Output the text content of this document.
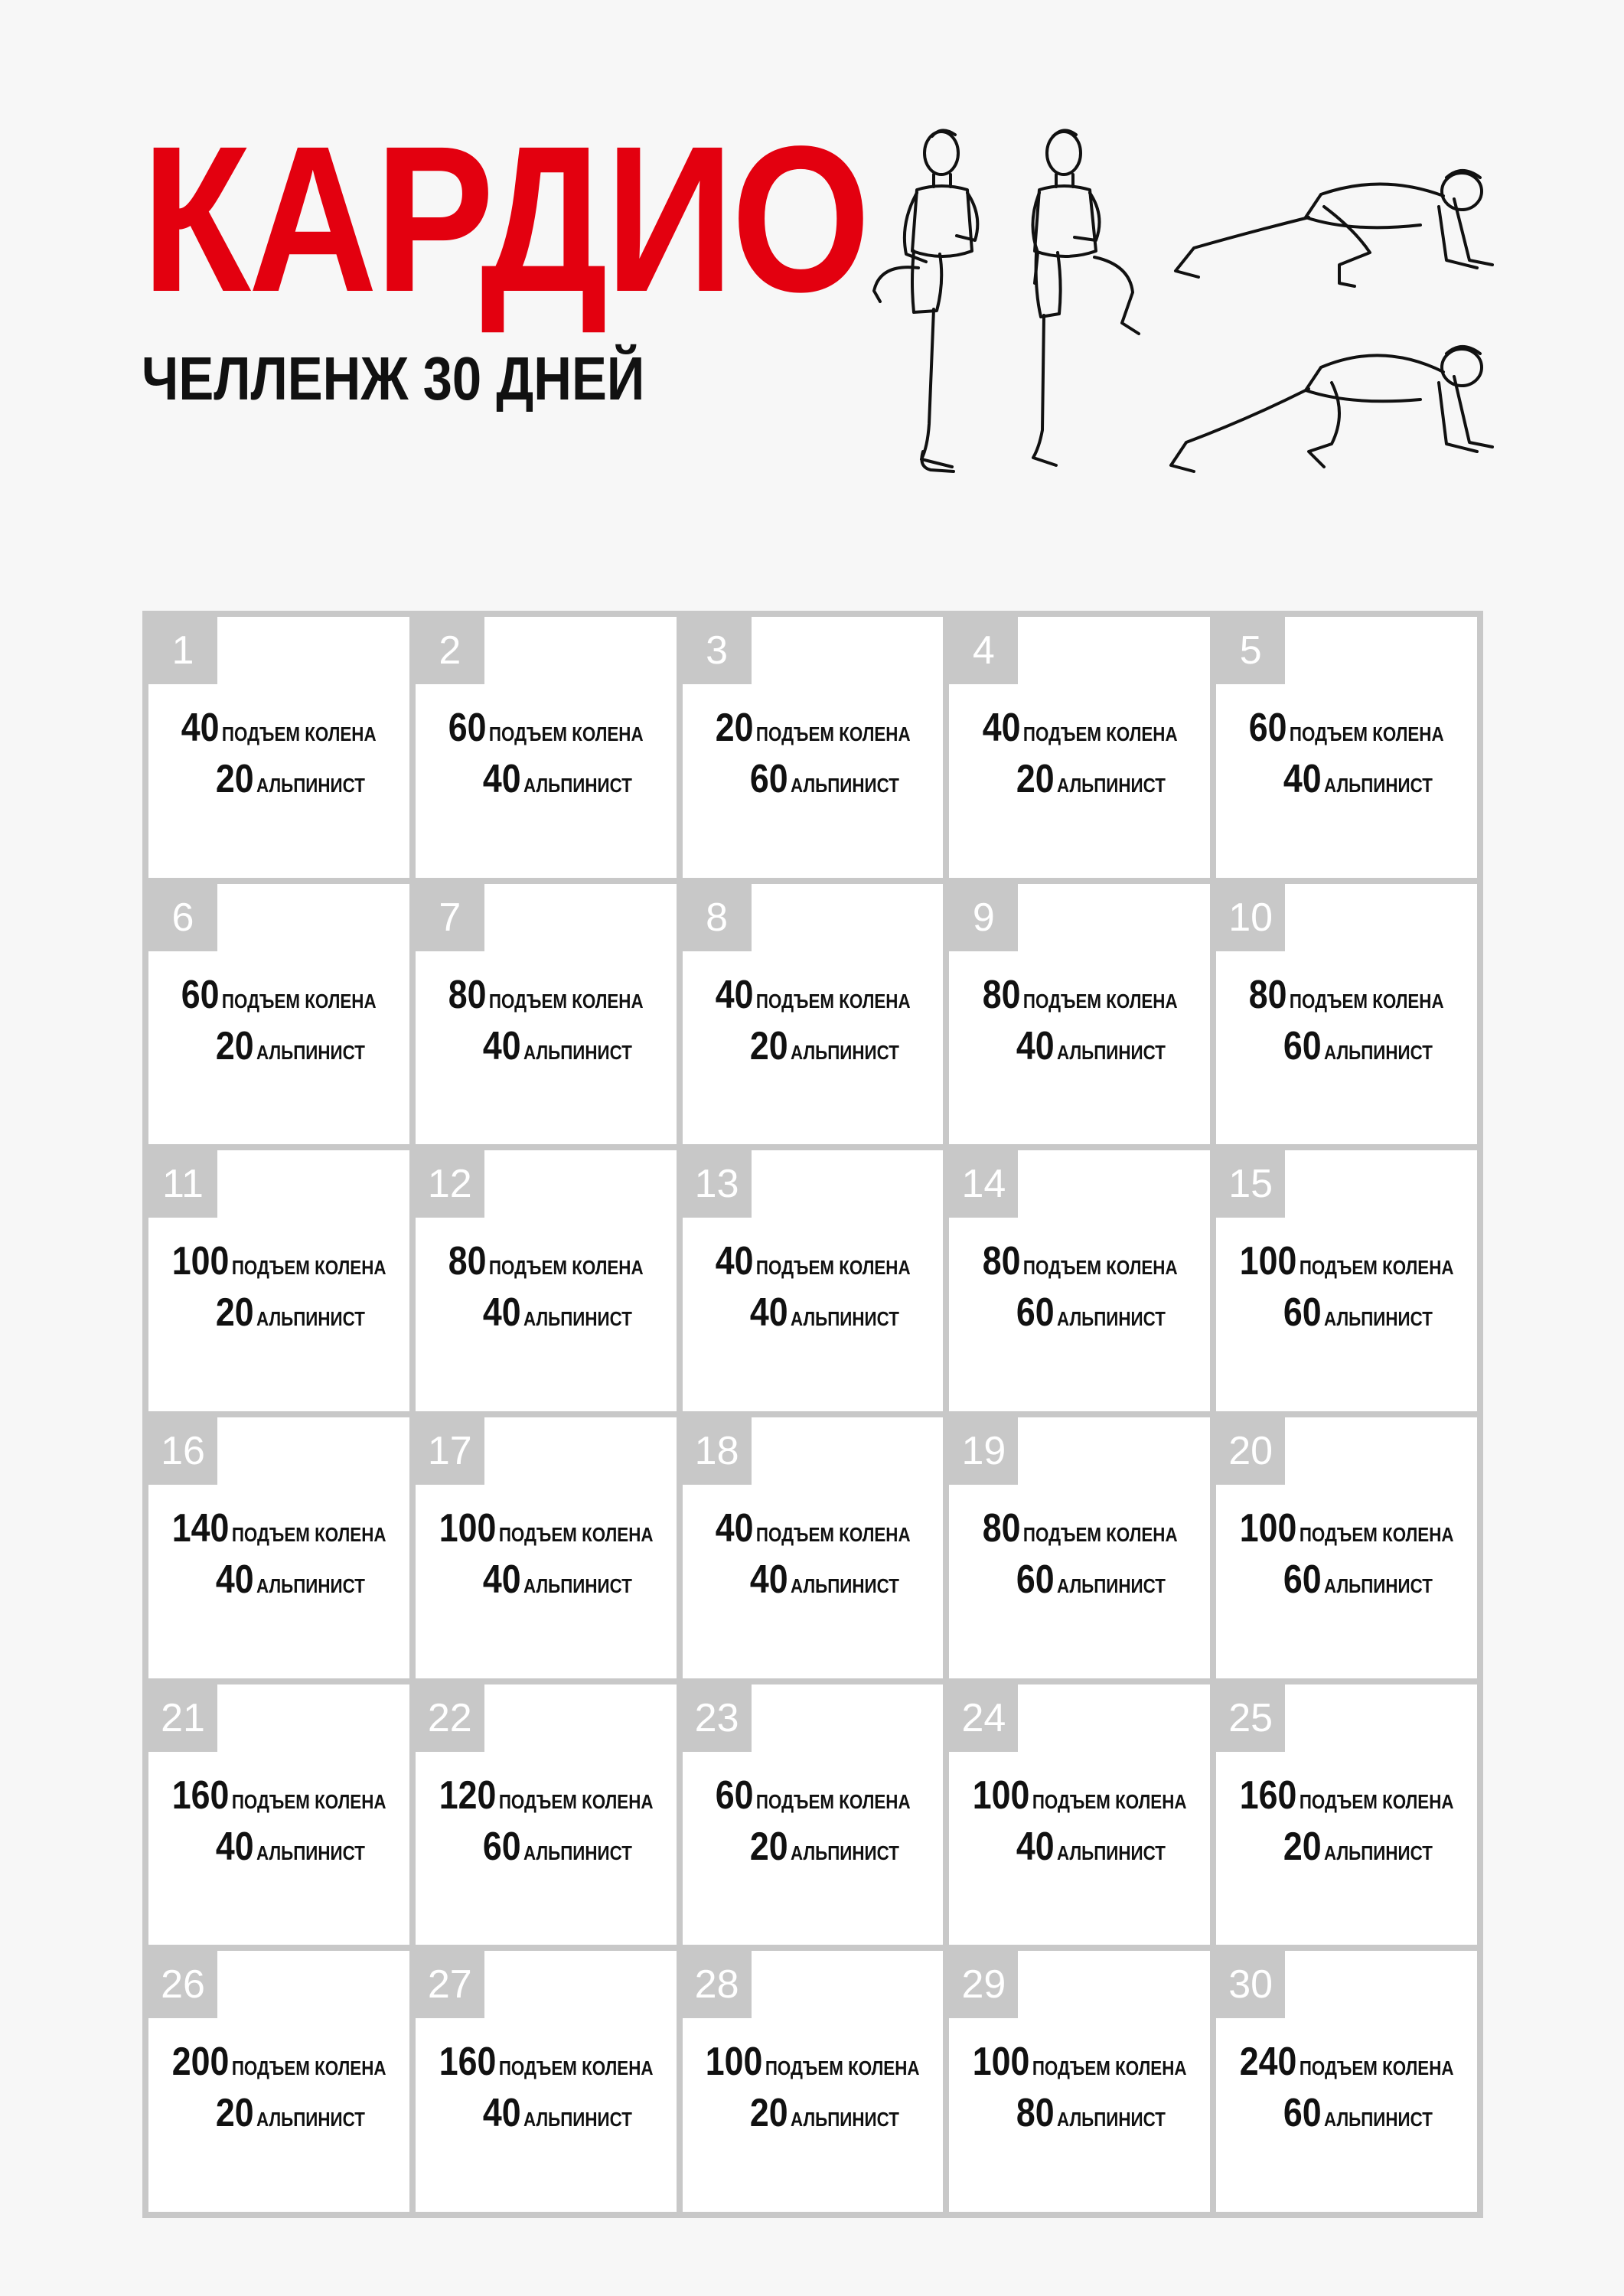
КАРДИО
ЧЕЛЛЕНЖ 30 ДНЕЙ
1
40 ПОДЪЕМ КОЛЕНА
20 АЛЬПИНИСТ
2
60 ПОДЪЕМ КОЛЕНА
40 АЛЬПИНИСТ
3
20 ПОДЪЕМ КОЛЕНА
60 АЛЬПИНИСТ
4
40 ПОДЪЕМ КОЛЕНА
20 АЛЬПИНИСТ
5
60 ПОДЪЕМ КОЛЕНА
40 АЛЬПИНИСТ
6
60 ПОДЪЕМ КОЛЕНА
20 АЛЬПИНИСТ
7
80 ПОДЪЕМ КОЛЕНА
40 АЛЬПИНИСТ
8
40 ПОДЪЕМ КОЛЕНА
20 АЛЬПИНИСТ
9
80 ПОДЪЕМ КОЛЕНА
40 АЛЬПИНИСТ
10
80 ПОДЪЕМ КОЛЕНА
60 АЛЬПИНИСТ
11
100 ПОДЪЕМ КОЛЕНА
20 АЛЬПИНИСТ
12
80 ПОДЪЕМ КОЛЕНА
40 АЛЬПИНИСТ
13
40 ПОДЪЕМ КОЛЕНА
40 АЛЬПИНИСТ
14
80 ПОДЪЕМ КОЛЕНА
60 АЛЬПИНИСТ
15
100 ПОДЪЕМ КОЛЕНА
60 АЛЬПИНИСТ
16
140 ПОДЪЕМ КОЛЕНА
40 АЛЬПИНИСТ
17
100 ПОДЪЕМ КОЛЕНА
40 АЛЬПИНИСТ
18
40 ПОДЪЕМ КОЛЕНА
40 АЛЬПИНИСТ
19
80 ПОДЪЕМ КОЛЕНА
60 АЛЬПИНИСТ
20
100 ПОДЪЕМ КОЛЕНА
60 АЛЬПИНИСТ
21
160 ПОДЪЕМ КОЛЕНА
40 АЛЬПИНИСТ
22
120 ПОДЪЕМ КОЛЕНА
60 АЛЬПИНИСТ
23
60 ПОДЪЕМ КОЛЕНА
20 АЛЬПИНИСТ
24
100 ПОДЪЕМ КОЛЕНА
40 АЛЬПИНИСТ
25
160 ПОДЪЕМ КОЛЕНА
20 АЛЬПИНИСТ
26
200 ПОДЪЕМ КОЛЕНА
20 АЛЬПИНИСТ
27
160 ПОДЪЕМ КОЛЕНА
40 АЛЬПИНИСТ
28
100 ПОДЪЕМ КОЛЕНА
20 АЛЬПИНИСТ
29
100 ПОДЪЕМ КОЛЕНА
80 АЛЬПИНИСТ
30
240 ПОДЪЕМ КОЛЕНА
60 АЛЬПИНИСТ
